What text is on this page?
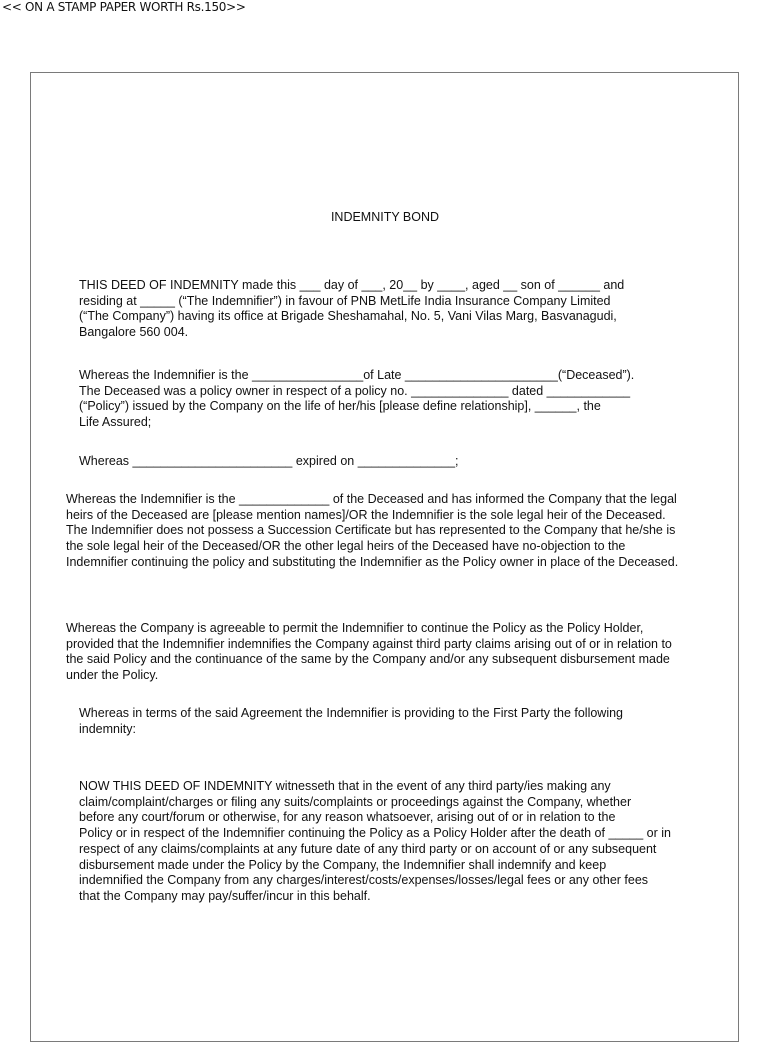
<< ON A STAMP PAPER WORTH Rs.150>>
INDEMNITY BOND

THIS DEED OF INDEMNITY made this ___ day of ___, 20__ by ____, aged __ son of ______ and
residing at _____ (“The Indemnifier”) in favour of PNB MetLife India Insurance Company Limited
(“The Company”) having its office at Brigade Sheshamahal, No. 5, Vani Vilas Marg, Basvanagudi,
Bangalore 560 004.

Whereas the Indemnifier is the ________________of Late ______________________(“Deceased”).
The Deceased was a policy owner in respect of a policy no. ______________ dated ____________
(“Policy”) issued by the Company on the life of her/his [please define relationship], ______, the
Life Assured;

Whereas _______________________ expired on ______________;

Whereas the Indemnifier is the _____________ of the Deceased and has informed the Company that the legal
heirs of the Deceased are [please mention names]/OR the Indemnifier is the sole legal heir of the Deceased.
The Indemnifier does not possess a Succession Certificate but has represented to the Company that he/she is
the sole legal heir of the Deceased/OR the other legal heirs of the Deceased have no-objection to the
Indemnifier continuing the policy and substituting the Indemnifier as the Policy owner in place of the Deceased.

Whereas the Company is agreeable to permit the Indemnifier to continue the Policy as the Policy Holder,
provided that the Indemnifier indemnifies the Company against third party claims arising out of or in relation to
the said Policy and the continuance of the same by the Company and/or any subsequent disbursement made
under the Policy.

Whereas in terms of the said Agreement the Indemnifier is providing to the First Party the following
indemnity:

NOW THIS DEED OF INDEMNITY witnesseth that in the event of any third party/ies making any
claim/complaint/charges or filing any suits/complaints or proceedings against the Company, whether
before any court/forum or otherwise, for any reason whatsoever, arising out of or in relation to the
Policy or in respect of the Indemnifier continuing the Policy as a Policy Holder after the death of _____ or in
respect of any claims/complaints at any future date of any third party or on account of or any subsequent
disbursement made under the Policy by the Company, the Indemnifier shall indemnify and keep
indemnified the Company from any charges/interest/costs/expenses/losses/legal fees or any other fees
that the Company may pay/suffer/incur in this behalf.
